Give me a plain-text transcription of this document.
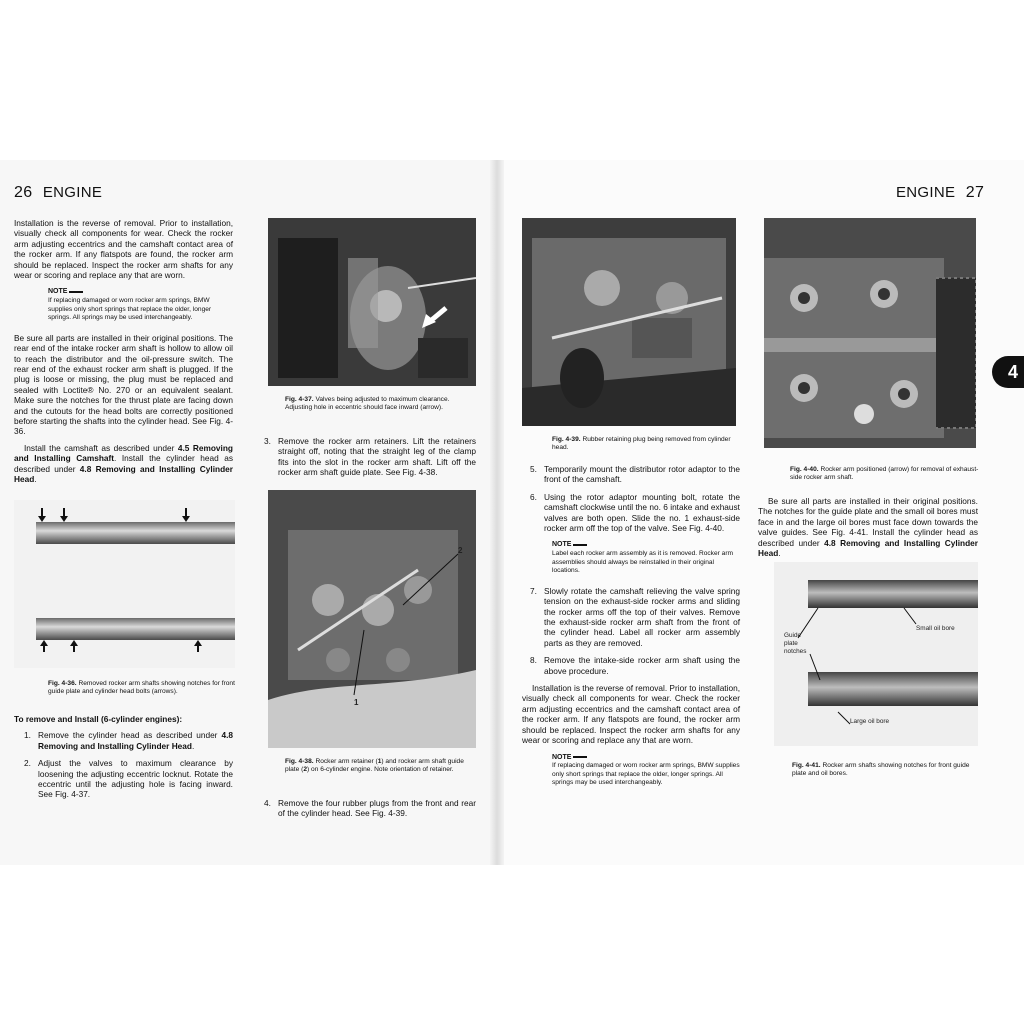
26 ENGINE

Installation is the reverse of removal. Prior to installation, visually check all components for wear. Check the rocker arm adjusting eccentrics and the camshaft contact area of the rocker arm. If any flatspots are found, the rocker arm should be replaced. Inspect the rocker arm shafts for any wear or scoring and replace any that are worn.

NOTE
If replacing damaged or worn rocker arm springs, BMW supplies only short springs that replace the older, longer springs. All springs may be used interchangeably.

Be sure all parts are installed in their original positions. The rear end of the intake rocker arm shaft is hollow to allow oil to reach the distributor and the oil-pressure switch. The rear end of the exhaust rocker arm shaft is plugged. If the plug is loose or missing, the plug must be replaced and sealed with Loctite® No. 270 or an equivalent sealant. Make sure the notches for the thrust plate are facing down and the cutouts for the head bolts are correctly positioned before starting the shafts into the cylinder head. See Fig. 4-36.

Install the camshaft as described under 4.5 Removing and Installing Camshaft. Install the cylinder head as described under 4.8 Removing and Installing Cylinder Head.

Fig. 4-36. Removed rocker arm shafts showing notches for front guide plate and cylinder head bolts (arrows).
To remove and Install (6-cylinder engines):
1. Remove the cylinder head as described under 4.8 Removing and Installing Cylinder Head.
2. Adjust the valves to maximum clearance by loosening the adjusting eccentric locknut. Rotate the eccentric until the adjusting hole is facing inward. See Fig. 4-37.
Fig. 4-37. Valves being adjusted to maximum clearance. Adjusting hole in eccentric should face inward (arrow).
3. Remove the rocker arm retainers. Lift the retainers straight off, noting that the straight leg of the clamp fits into the slot in the rocker arm shaft. Lift off the rocker arm shaft guide plate. See Fig. 4-38.
2
1
Fig. 4-38. Rocker arm retainer (1) and rocker arm shaft guide plate (2) on 6-cylinder engine. Note orientation of retainer.
4. Remove the four rubber plugs from the front and rear of the cylinder head. See Fig. 4-39.
ENGINE 27
4
Fig. 4-39. Rubber retaining plug being removed from cylinder head.
5. Temporarily mount the distributor rotor adaptor to the front of the camshaft.
6. Using the rotor adaptor mounting bolt, rotate the camshaft clockwise until the no. 6 intake and exhaust valves are both open. Slide the no. 1 exhaust-side rocker arm off the top of the valve. See Fig. 4-40.
NOTE
Label each rocker arm assembly as it is removed. Rocker arm assemblies should always be reinstalled in their original locations.
7. Slowly rotate the camshaft relieving the valve spring tension on the exhaust-side rocker arms and sliding the rocker arms off the top of their valves. Remove the exhaust-side rocker arm shaft from the front of the cylinder head. Label all rocker arm assembly parts as they are removed.
8. Remove the intake-side rocker arm shaft using the above procedure.

Installation is the reverse of removal. Prior to installation, visually check all components for wear. Check the rocker arm adjusting eccentrics and the camshaft contact area of the rocker arm. If any flatspots are found, the rocker arm should be replaced. Inspect the rocker arm shafts for any wear or scoring and replace any that are worn.

NOTE
If replacing damaged or worn rocker arm springs, BMW supplies only short springs that replace the older, longer springs. All springs may be used interchangeably.
Fig. 4-40. Rocker arm positioned (arrow) for removal of exhaust-side rocker arm shaft.

Be sure all parts are installed in their original positions. The notches for the guide plate and the small oil bores must face in and the large oil bores must face down towards the valve guides. See Fig. 4-41. Install the cylinder head as described under 4.8 Removing and Installing Cylinder Head.

Small oil bore
Guide plate notches
Large oil bore
Fig. 4-41. Rocker arm shafts showing notches for front guide plate and oil bores.
